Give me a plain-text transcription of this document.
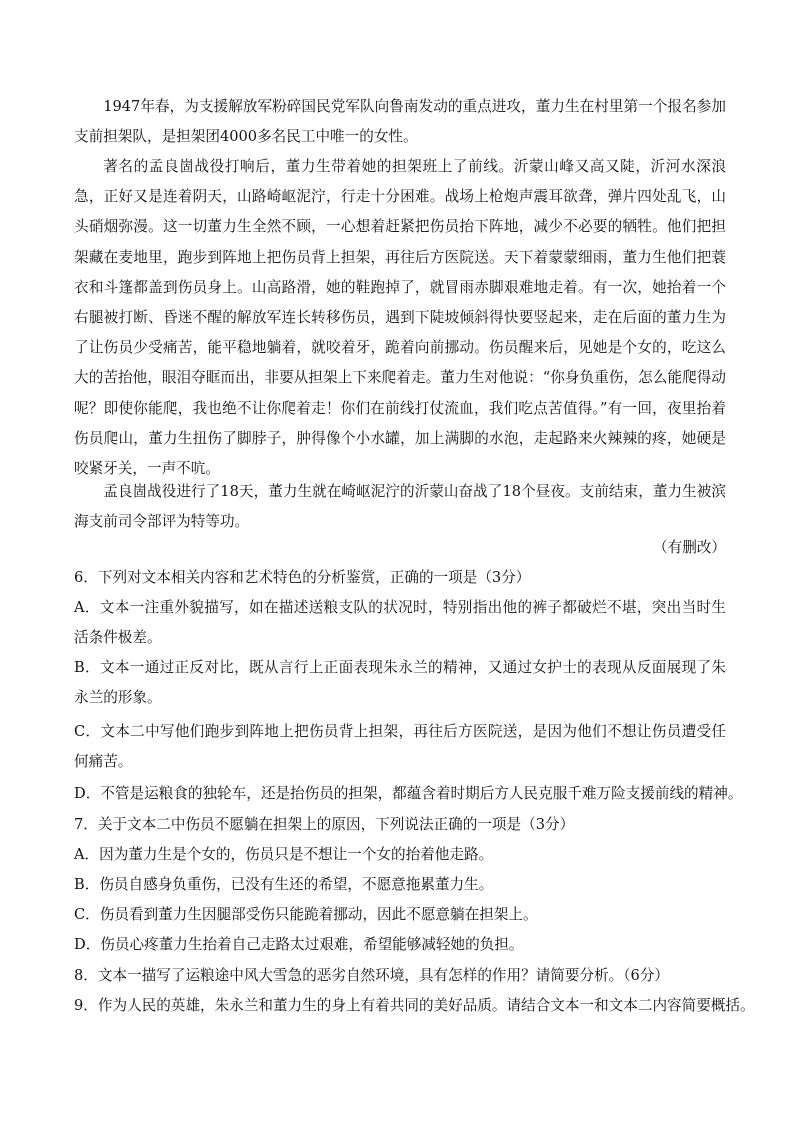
1947年春，为支援解放军粉碎国民党军队向鲁南发动的重点进攻，董力生在村里第一个报名参加支前担架队，是担架团4000多名民工中唯一的女性。

著名的孟良崮战役打响后，董力生带着她的担架班上了前线。沂蒙山峰又高又陡，沂河水深浪急，正好又是连着阴天，山路崎岖泥泞，行走十分困难。战场上枪炮声震耳欲聋，弹片四处乱飞，山头硝烟弥漫。这一切董力生全然不顾，一心想着赶紧把伤员抬下阵地，减少不必要的牺牲。他们把担架藏在麦地里，跑步到阵地上把伤员背上担架，再往后方医院送。天下着蒙蒙细雨，董力生他们把蓑衣和斗篷都盖到伤员身上。山高路滑，她的鞋跑掉了，就冒雨赤脚艰难地走着。有一次，她抬着一个右腿被打断、昏迷不醒的解放军连长转移伤员，遇到下陡坡倾斜得快要竖起来，走在后面的董力生为了让伤员少受痛苦，能平稳地躺着，就咬着牙，跪着向前挪动。伤员醒来后，见她是个女的，吃这么大的苦抬他，眼泪夺眶而出，非要从担架上下来爬着走。董力生对他说：“你身负重伤，怎么能爬得动呢？即使你能爬，我也绝不让你爬着走！你们在前线打仗流血，我们吃点苦值得。”有一回，夜里抬着伤员爬山，董力生扭伤了脚脖子，肿得像个小水罐，加上满脚的水泡，走起路来火辣辣的疼，她硬是咬紧牙关，一声不吭。

孟良崮战役进行了18天，董力生就在崎岖泥泞的沂蒙山奋战了18个昼夜。支前结束，董力生被滨海支前司令部评为特等功。

（有删改）

6．下列对文本相关内容和艺术特色的分析鉴赏，正确的一项是（3分）

A．文本一注重外貌描写，如在描述送粮支队的状况时，特别指出他的裤子都破烂不堪，突出当时生活条件极差。

B．文本一通过正反对比，既从言行上正面表现朱永兰的精神，又通过女护士的表现从反面展现了朱永兰的形象。

C．文本二中写他们跑步到阵地上把伤员背上担架，再往后方医院送，是因为他们不想让伤员遭受任何痛苦。

D．不管是运粮食的独轮车，还是抬伤员的担架，都蕴含着时期后方人民克服千难万险支援前线的精神。

7．关于文本二中伤员不愿躺在担架上的原因，下列说法正确的一项是（3分）

A．因为董力生是个女的，伤员只是不想让一个女的抬着他走路。

B．伤员自感身负重伤，已没有生还的希望，不愿意拖累董力生。

C．伤员看到董力生因腿部受伤只能跪着挪动，因此不愿意躺在担架上。

D．伤员心疼董力生抬着自己走路太过艰难，希望能够减轻她的负担。

8．文本一描写了运粮途中风大雪急的恶劣自然环境，具有怎样的作用？请简要分析。（6分）

9．作为人民的英雄，朱永兰和董力生的身上有着共同的美好品质。请结合文本一和文本二内容简要概括。
